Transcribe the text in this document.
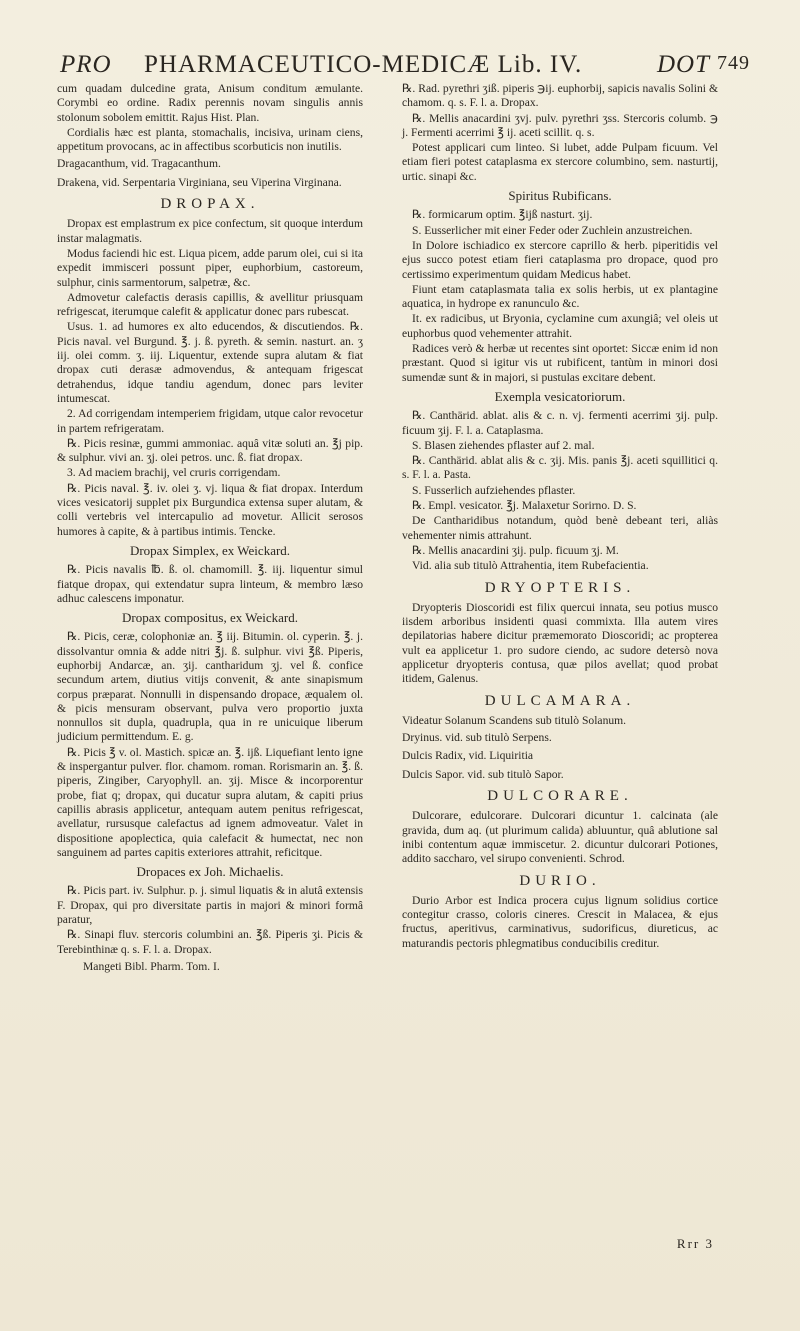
PRO PHARMACEUTICO-MEDICÆ Lib. IV.	DOT 749
cum quadam dulcedine grata, Anisum conditum æmulante. Corymbi eo ordine. Radix perennis novam singulis annis stolonum sobolem emittit. Rajus Hist. Plan.
Cordialis hæc est planta, stomachalis, incisiva, urinam ciens, appetitum provocans, ac in affectibus scorbuticis non inutilis.
Dragacanthum, vid. Tragacanthum.
Drakena, vid. Serpentaria Virginiana, seu Viperina Virginana.
DROPAX.
Dropax est emplastrum ex pice confectum, sit quoque interdum instar malagmatis.
Modus faciendi hic est. Liqua picem, adde parum olei, cui si ita expedit immisceri possunt piper, euphorbium, castoreum, sulphur, cinis sarmentorum, salpetræ, &c.
Admovetur calefactis derasis capillis, & avellitur priusquam refrigescat, iterumque calefit & applicatur donec pars rubescat.
Usus. 1. ad humores ex alto educendos, & discutiendos. ℞. Picis naval. vel Burgund. ℥. j. ß. pyreth. & semin. nasturt. an. ʒ iij. olei comm. ʒ. iij. Liquentur, extende supra alutam & fiat dropax cuti derasæ admovendus, & antequam frigescat detrahendus, idque tandiu agendum, donec pars leviter intumescat.
2. Ad corrigendam intemperiem frigidam, utque calor revocetur in partem refrigeratam.
℞. Picis resinæ, gummi ammoniac. aquâ vitæ soluti an. ℥j pip. & sulphur. vivi an. ʒj. olei petros. unc. ß. fiat dropax.
3. Ad maciem brachij, vel cruris corrigendam.
℞. Picis naval. ℥. iv. olei ʒ. vj. liqua & fiat dropax. Interdum vices vesicatorij supplet pix Burgundica extensa super alutam, & colli vertebris vel intercapulio ad movetur. Allicit serosos humores à capite, & à partibus intimis. Tencke.
Dropax Simplex, ex Weickard.
℞. Picis navalis ℔. ß. ol. chamomill. ℥. iij. liquentur simul fiatque dropax, qui extendatur supra linteum, & membro læso adhuc calescens imponatur.
Dropax compositus, ex Weickard.
℞. Picis, ceræ, colophoniæ an. ℥ iij. Bitumin. ol. cyperin. ℥. j. dissolvantur omnia & adde nitri ℥j. ß. sulphur. vivi ℥ß. Piperis, euphorbij Andarcæ, an. ʒij. cantharidum ʒj. vel ß. confice secundum artem, diutius vitijs convenit, & ante sinapismum corpus præparat. Nonnulli in dispensando dropace, æqualem ol. & picis mensuram observant, pulva vero proportio juxta nonnullos sit dupla, quadrupla, qua in re unicuique liberum judicium permittendum. E. g.
℞. Picis ℥ v. ol. Mastich. spicæ an. ℥. ijß. Liquefiant lento igne & inspergantur pulver. flor. chamom. roman. Rorismarin an. ℥. ß. piperis, Zingiber, Caryophyll. an. ʒij. Misce & incorporentur probe, fiat q; dropax, qui ducatur supra alutam, & capiti prius capillis abrasis applicetur, antequam autem penitus refrigescat, avellatur, rursusque calefactus ad ignem admoveatur. Valet in dispositione apoplectica, quia calefacit & humectat, nec non sanguinem ad partes capitis exteriores attrahit, reficitque.
Dropaces ex Joh. Michaelis.
℞. Picis part. iv. Sulphur. p. j. simul liquatis & in alutâ extensis F. Dropax, qui pro diversitate partis in majori & minori formâ paratur,
℞. Sinapi fluv. stercoris columbini an. ℥ß. Piperis ʒi. Picis & Terebinthinæ q. s. F. l. a. Dropax.
Mangeti Bibl. Pharm. Tom. I.
℞. Rad. pyrethri ʒiß. piperis ℈ij. euphorbij, sapicis navalis Solini & chamom. q. s. F. l. a. Dropax.
℞. Mellis anacardini ʒvj. pulv. pyrethri ʒss. Stercoris columb. ℈ j. Fermenti acerrimi ℥ ij. aceti scillit. q. s.
Potest applicari cum linteo. Si lubet, adde Pulpam ficuum. Vel etiam fieri potest cataplasma ex stercore columbino, sem. nasturtij, urtic. sinapi &c.
Spiritus Rubificans.
℞. formicarum optim. ℥ijß nasturt. ʒij.
S. Eusserlicher mit einer Feder oder Zuchlein anzustreichen.
In Dolore ischiadico ex stercore caprillo & herb. piperitidis vel ejus succo potest etiam fieri cataplasma pro dropace, quod pro certissimo experimentum quidam Medicus habet.
Fiunt etam cataplasmata talia ex solis herbis, ut ex plantagine aquatica, in hydrope ex ranunculo &c.
It. ex radicibus, ut Bryonia, cyclamine cum axungiâ; vel oleis ut euphorbus quod vehementer attrahit.
Radices verò & herbæ ut recentes sint oportet: Siccæ enim id non præstant. Quod si igitur vis ut rubificent, tantùm in minori dosi sumendæ sunt & in majori, si pustulas excitare debent.
Exempla vesicatoriorum.
℞. Canthärid. ablat. alis & c. n. vj. fermenti acerrimi ʒij. pulp. ficuum ʒij. F. l. a. Cataplasma.
S. Blasen ziehendes pflaster auf 2. mal.
℞. Canthärid. ablat alis & c. ʒij. Mis. panis ℥j. aceti squillitici q. s. F. l. a. Pasta.
S. Fusserlich aufziehendes pflaster.
℞. Empl. vesicator. ℥j. Malaxetur Sorirno. D. S.
De Cantharidibus notandum, quòd benè debeant teri, aliàs vehementer nimis attrahunt.
℞. Mellis anacardini ʒij. pulp. ficuum ʒj. M.
Vid. alia sub titulò Attrahentia, item Rubefacientia.
DRYOPTERIS.
Dryopteris Dioscoridi est filix quercui innata, seu potius musco iisdem arboribus insidenti quasi commixta. Illa autem vires depilatorias habere dicitur præmemorato Dioscoridi; ac propterea vult ea applicetur 1. pro sudore ciendo, ac sudore detersò nova applicetur dryopteris contusa, quæ pilos avellat; quod probat itidem, Galenus.
DULCAMARA.
Videatur Solanum Scandens sub titulò Solanum.
Dryinus. vid. sub titulò Serpens.
Dulcis Radix, vid. Liquiritia
Dulcis Sapor. vid. sub titulò Sapor.
DULCORARE.
Dulcorare, edulcorare. Dulcorari dicuntur 1. calcinata (ale gravida, dum aq. (ut plurimum calida) abluuntur, quâ ablutione sal inibi contentum aquæ immiscetur. 2. dicuntur dulcorari Potiones, addito saccharo, vel sirupo convenienti. Schrod.
DURIO.
Durio Arbor est Indica procera cujus lignum solidius cortice contegitur crasso, coloris cineres. Crescit in Malacea, & ejus fructus, aperitivus, carminativus, sudorificus, diureticus, ac maturandis pectoris phlegmatibus conducibilis creditur.
Rrr 3
